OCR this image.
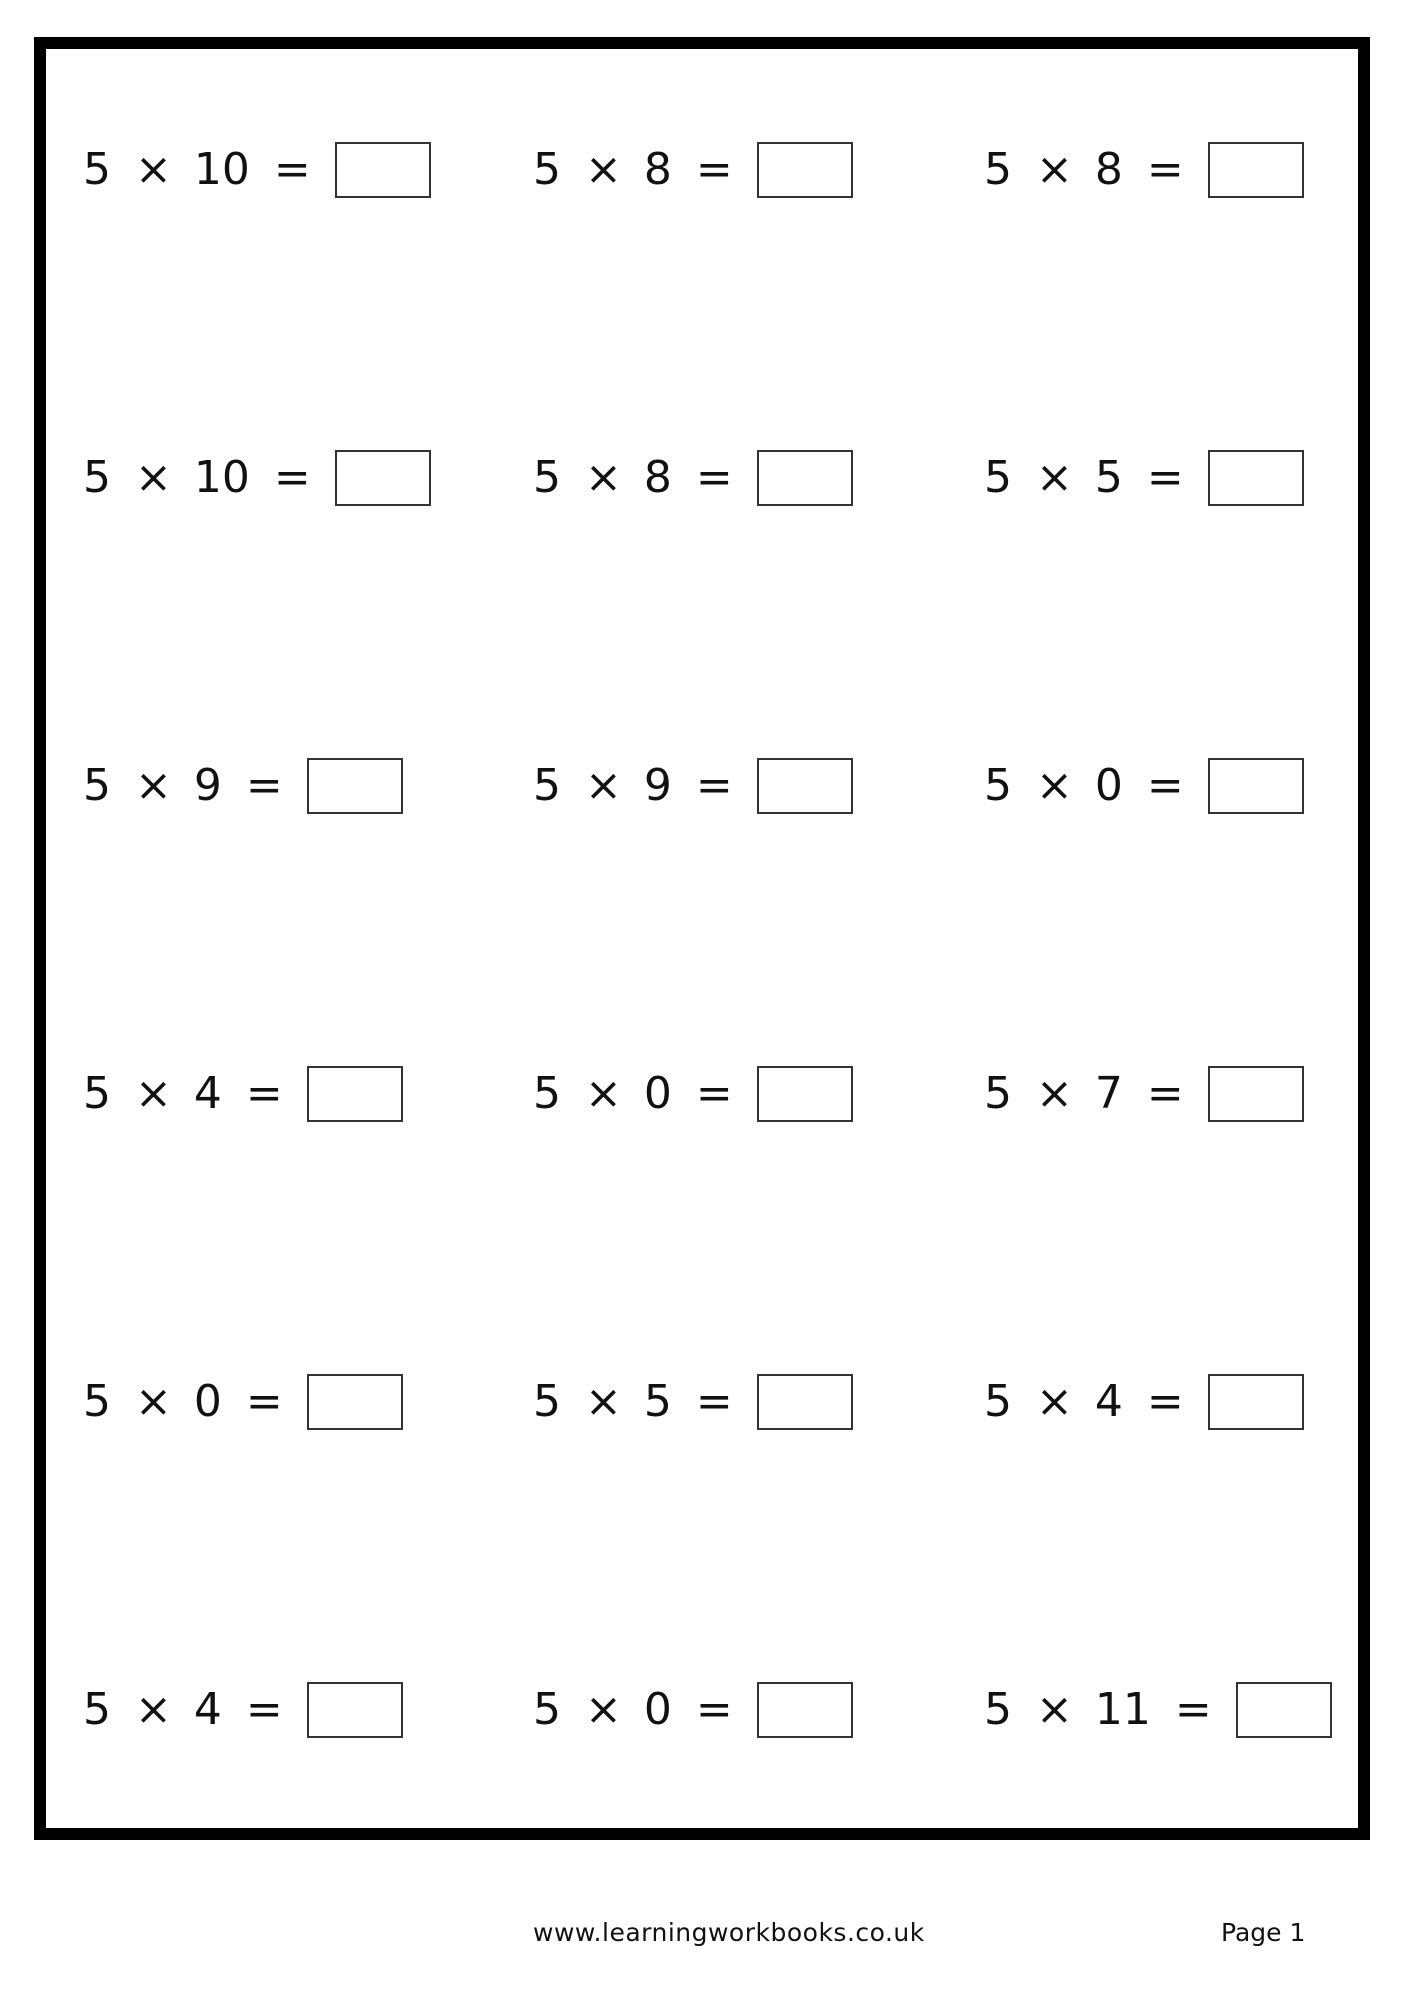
5 × 10 =	5 × 8 =	5 × 8 =
5 × 10 =	5 × 8 =	5 × 5 =
5 × 9 =	5 × 9 =	5 × 0 =
5 × 4 =	5 × 0 =	5 × 7 =
5 × 0 =	5 × 5 =	5 × 4 =
5 × 4 =	5 × 0 =	5 × 11 =
www.learningworkbooks.co.uk	Page 1
